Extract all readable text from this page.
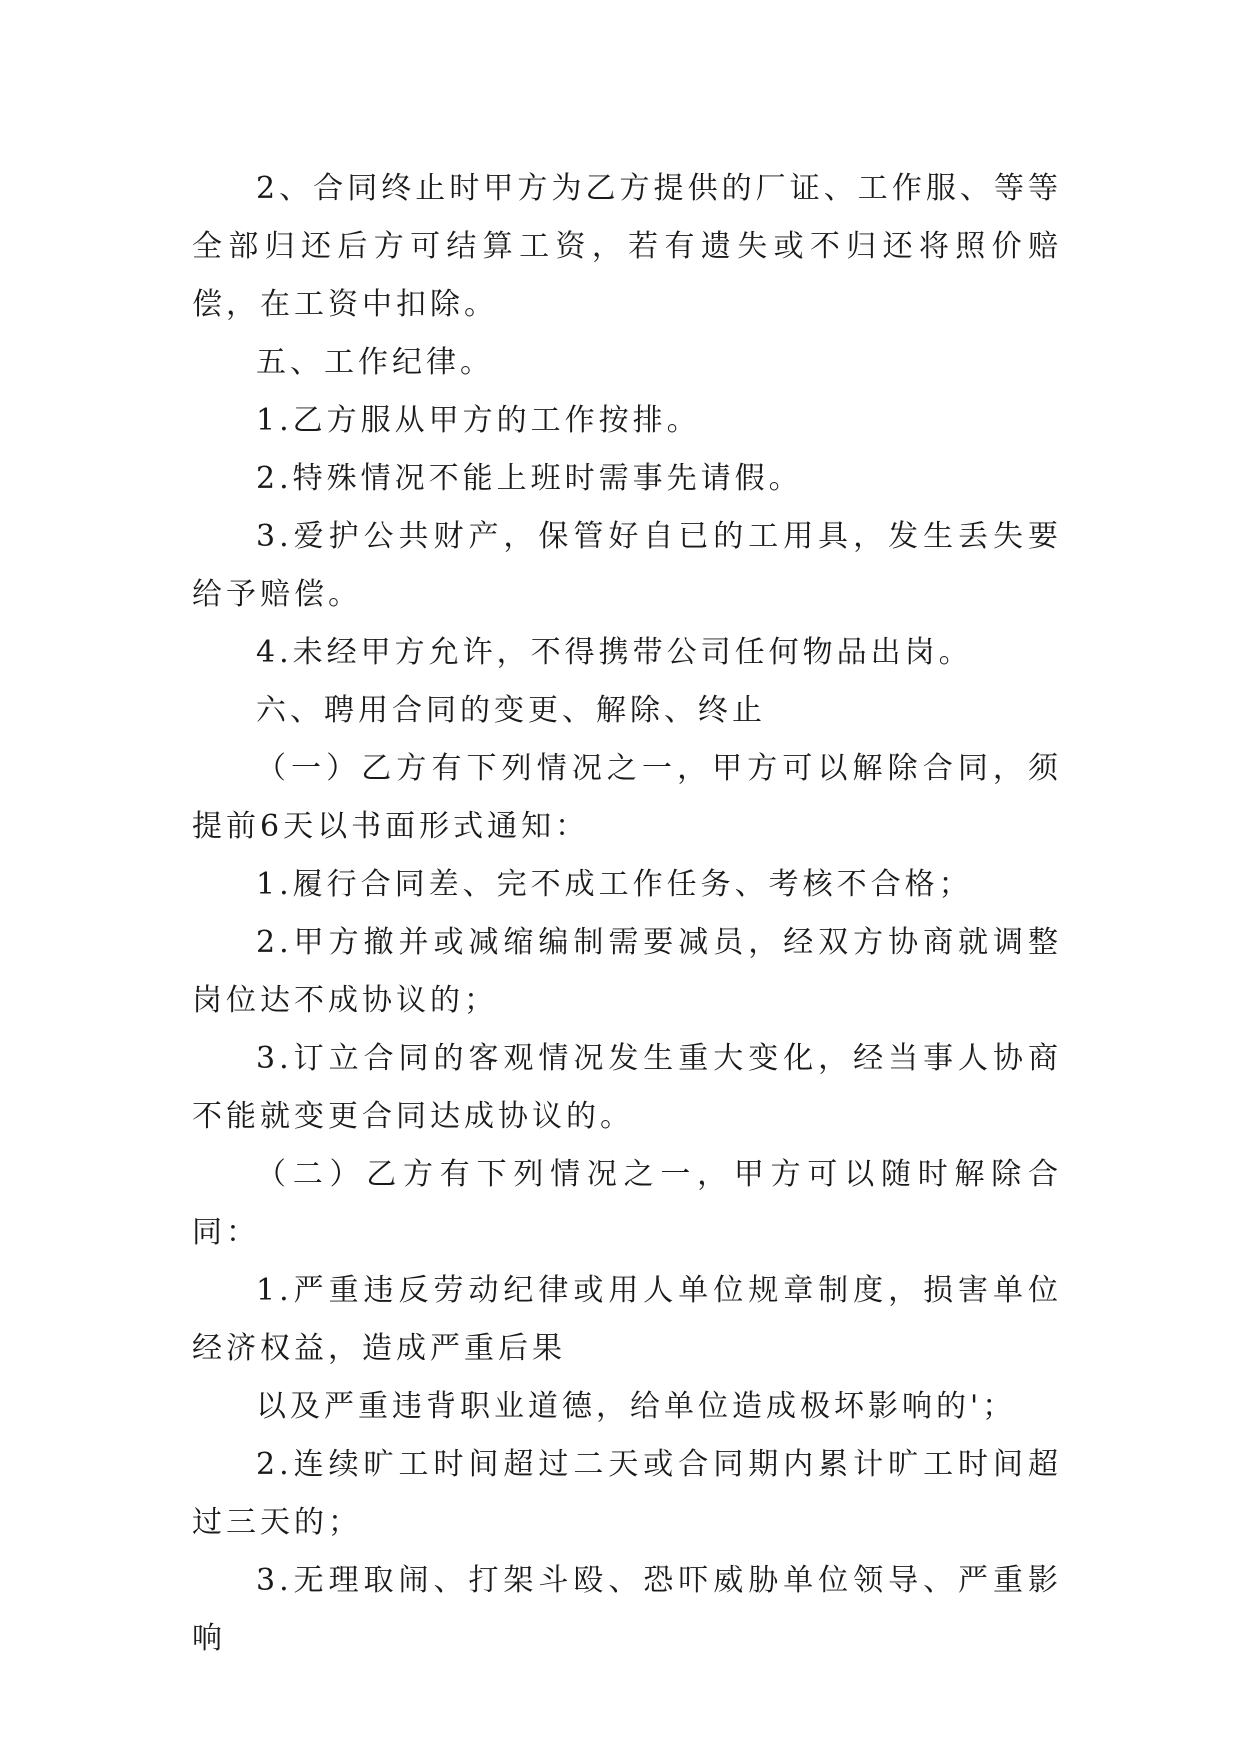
2、合同终止时甲方为乙方提供的厂证、工作服、等等全部归还后方可结算工资，若有遗失或不归还将照价赔偿，在工资中扣除。

五、工作纪律。

1.乙方服从甲方的工作按排。

2.特殊情况不能上班时需事先请假。

3.爱护公共财产，保管好自已的工用具，发生丢失要给予赔偿。

4.未经甲方允许，不得携带公司任何物品出岗。

六、聘用合同的变更、解除、终止

（一）乙方有下列情况之一，甲方可以解除合同，须提前6天以书面形式通知：

1.履行合同差、完不成工作任务、考核不合格；

2.甲方撤并或减缩编制需要减员，经双方协商就调整岗位达不成协议的；

3.订立合同的客观情况发生重大变化，经当事人协商不能就变更合同达成协议的。

（二）乙方有下列情况之一，甲方可以随时解除合同：

1.严重违反劳动纪律或用人单位规章制度，损害单位经济权益，造成严重后果

以及严重违背职业道德，给单位造成极坏影响的'；

2.连续旷工时间超过二天或合同期内累计旷工时间超过三天的；

3.无理取闹、打架斗殴、恐吓威胁单位领导、严重影响
